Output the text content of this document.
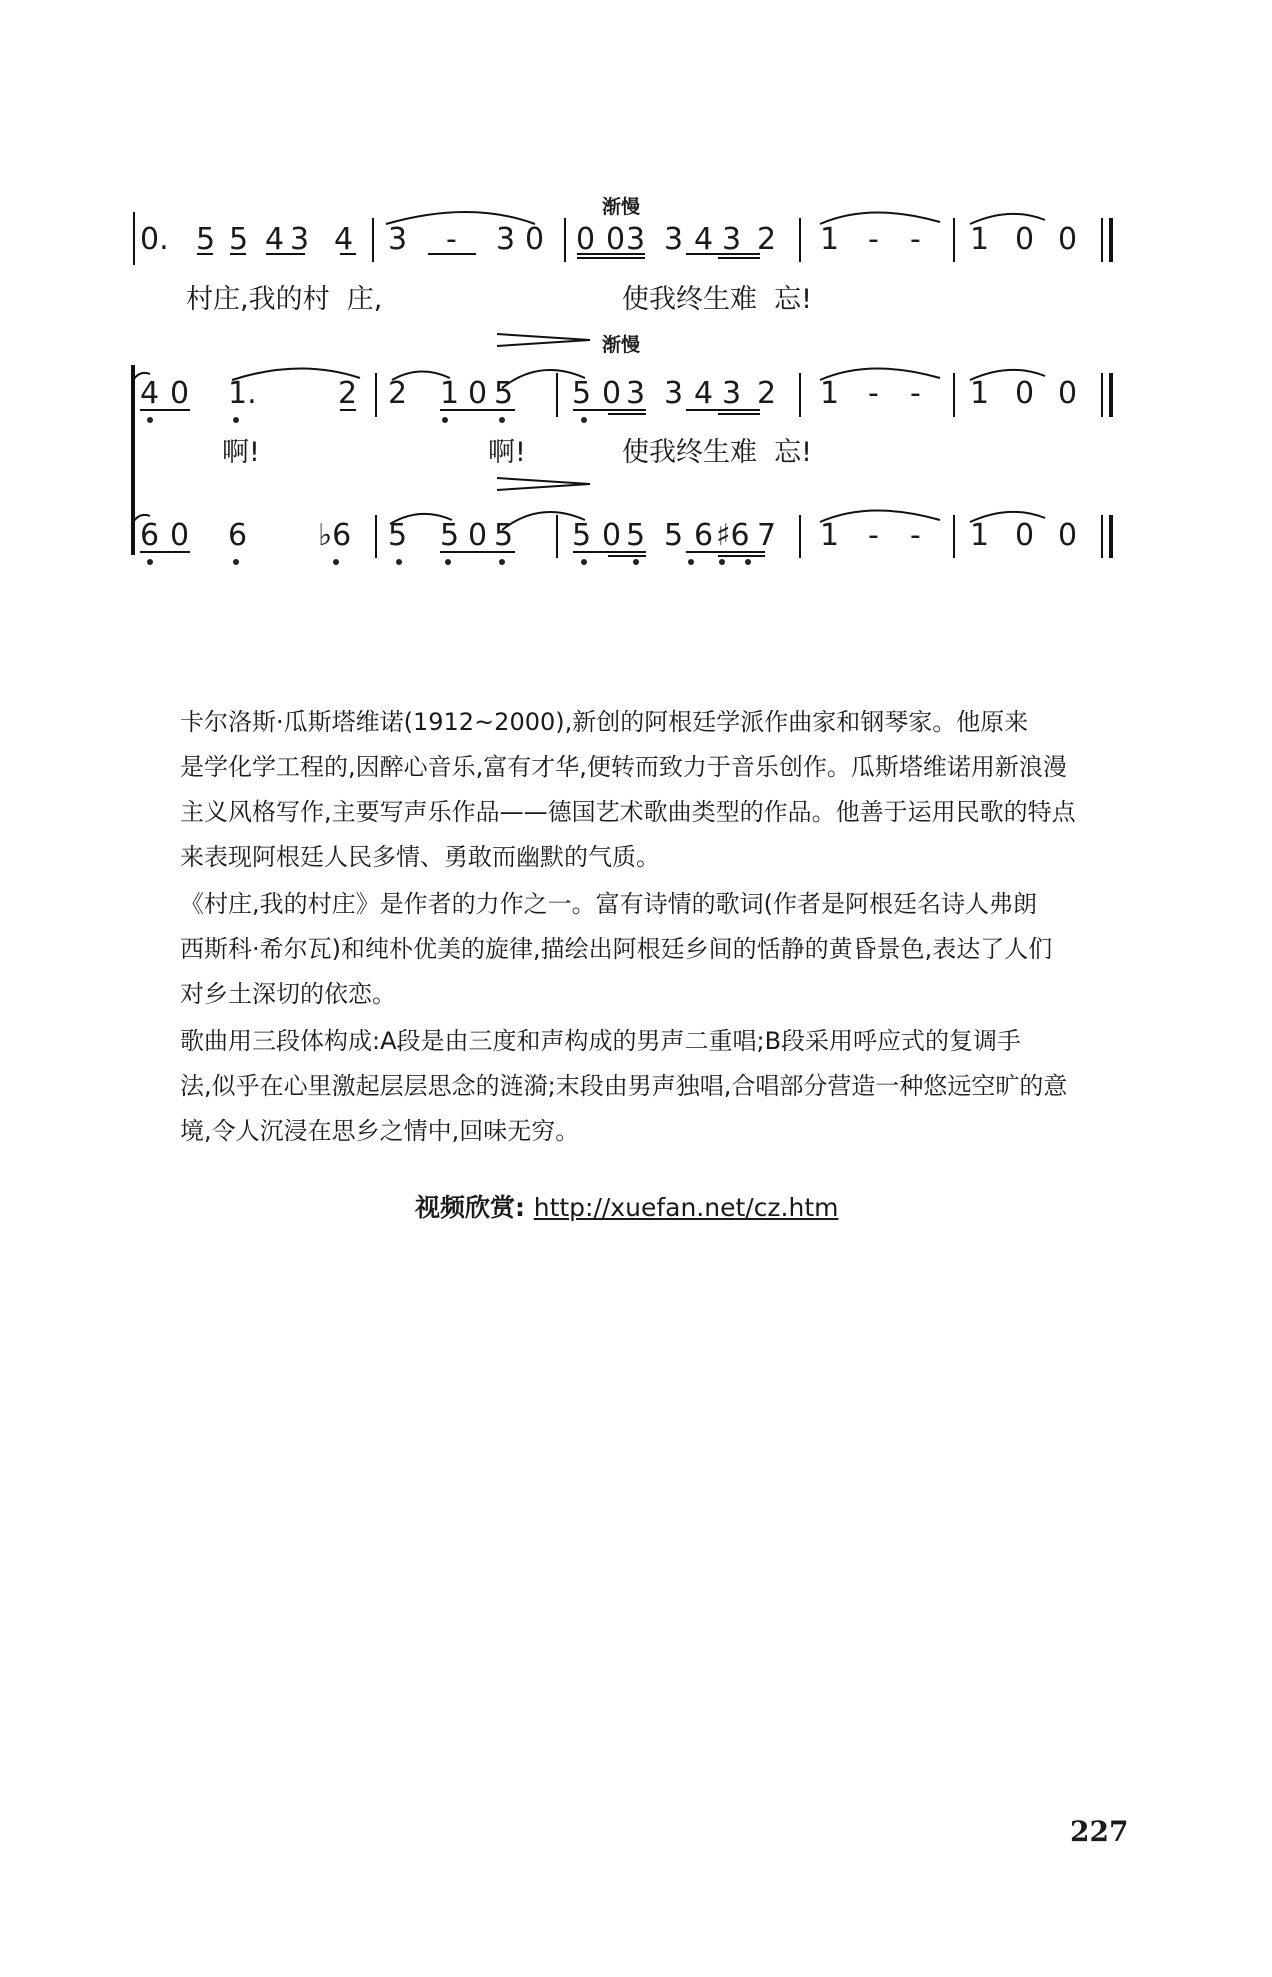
渐慢
渐慢
0. 5 5 4 3 4 3 - 3 0 0 0 3 3 4 3 2 1 - - 1 0 0
村庄,我的村  庄,	使我终生难  忘!
4 0 1.	2 2 1 0 5 5 0 3 3 4 3 2 1 - - 1 0 0
啊!	啊!	使我终生难  忘!
6 0 6 ♭6 5 5 0 5 5 0 5 5 6 ♯6 7 1 - - 1 0 0
卡尔洛斯·瓜斯塔维诺(1912~2000),新创的阿根廷学派作曲家和钢琴家。他原来
是学化学工程的,因醉心音乐,富有才华,便转而致力于音乐创作。瓜斯塔维诺用新浪漫
主义风格写作,主要写声乐作品——德国艺术歌曲类型的作品。他善于运用民歌的特点
来表现阿根廷人民多情、勇敢而幽默的气质。
《村庄,我的村庄》是作者的力作之一。富有诗情的歌词(作者是阿根廷名诗人弗朗
西斯科·希尔瓦)和纯朴优美的旋律,描绘出阿根廷乡间的恬静的黄昏景色,表达了人们
对乡土深切的依恋。
歌曲用三段体构成:A段是由三度和声构成的男声二重唱;B段采用呼应式的复调手
法,似乎在心里激起层层思念的涟漪;末段由男声独唱,合唱部分营造一种悠远空旷的意
境,令人沉浸在思乡之情中,回味无穷。
视频欣赏: http://xuefan.net/cz.htm
227
